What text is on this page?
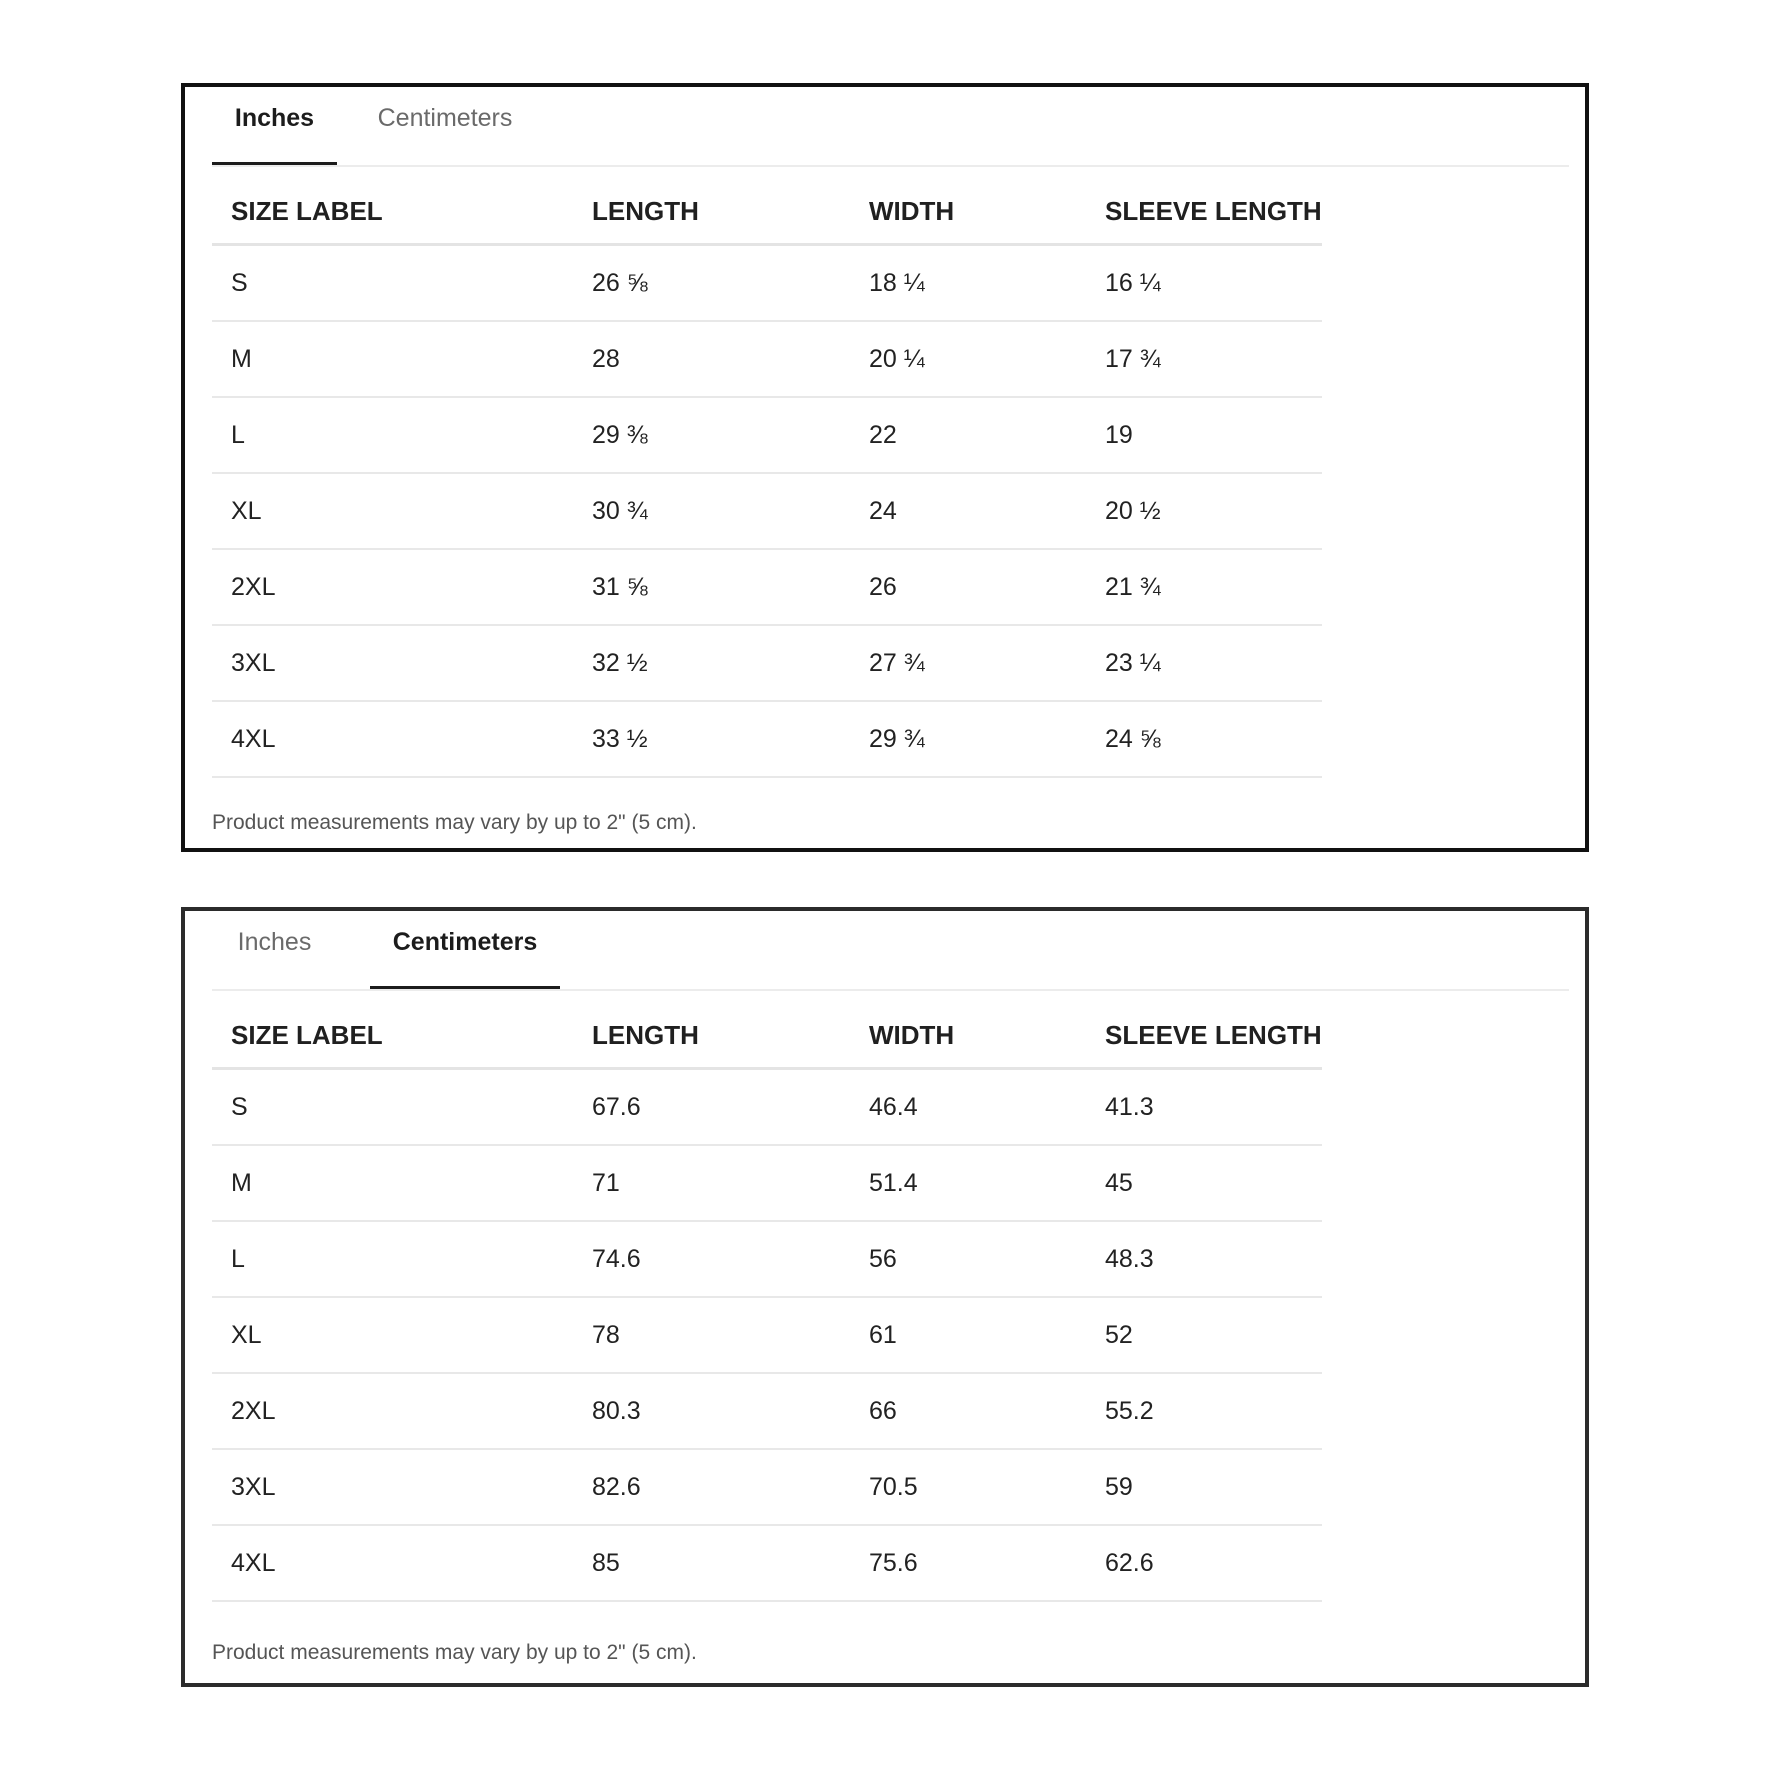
Inches	Centimeters
SIZE LABEL	LENGTH	WIDTH	SLEEVE LENGTH
S	26 ⅝	18 ¼	16 ¼
M	28	20 ¼	17 ¾
L	29 ⅜	22	19
XL	30 ¾	24	20 ½
2XL	31 ⅝	26	21 ¾
3XL	32 ½	27 ¾	23 ¼
4XL	33 ½	29 ¾	24 ⅝
Product measurements may vary by up to 2" (5 cm).
Inches	Centimeters
SIZE LABEL	LENGTH	WIDTH	SLEEVE LENGTH
S	67.6	46.4	41.3
M	71	51.4	45
L	74.6	56	48.3
XL	78	61	52
2XL	80.3	66	55.2
3XL	82.6	70.5	59
4XL	85	75.6	62.6
Product measurements may vary by up to 2" (5 cm).
